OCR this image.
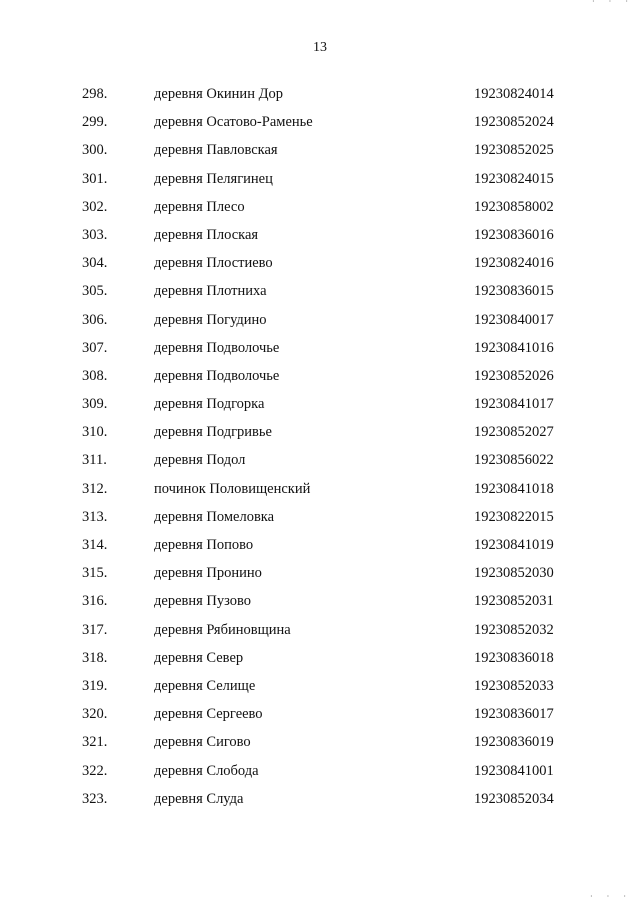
· · ·
13
298.	деревня Окинин Дор	19230824014
299.	деревня Осатово-Раменье	19230852024
300.	деревня Павловская	19230852025
301.	деревня Пелягинец	19230824015
302.	деревня Плесо	19230858002
303.	деревня Плоская	19230836016
304.	деревня Плостиево	19230824016
305.	деревня Плотниха	19230836015
306.	деревня Погудино	19230840017
307.	деревня Подволочье	19230841016
308.	деревня Подволочье	19230852026
309.	деревня Подгорка	19230841017
310.	деревня Подгривье	19230852027
311.	деревня Подол	19230856022
312.	починок Половищенский	19230841018
313.	деревня Помеловка	19230822015
314.	деревня Попово	19230841019
315.	деревня Пронино	19230852030
316.	деревня Пузово	19230852031
317.	деревня Рябиновщина	19230852032
318.	деревня Север	19230836018
319.	деревня Селище	19230852033
320.	деревня Сергеево	19230836017
321.	деревня Сигово	19230836019
322.	деревня Слобода	19230841001
323.	деревня Слуда	19230852034
· · ·
